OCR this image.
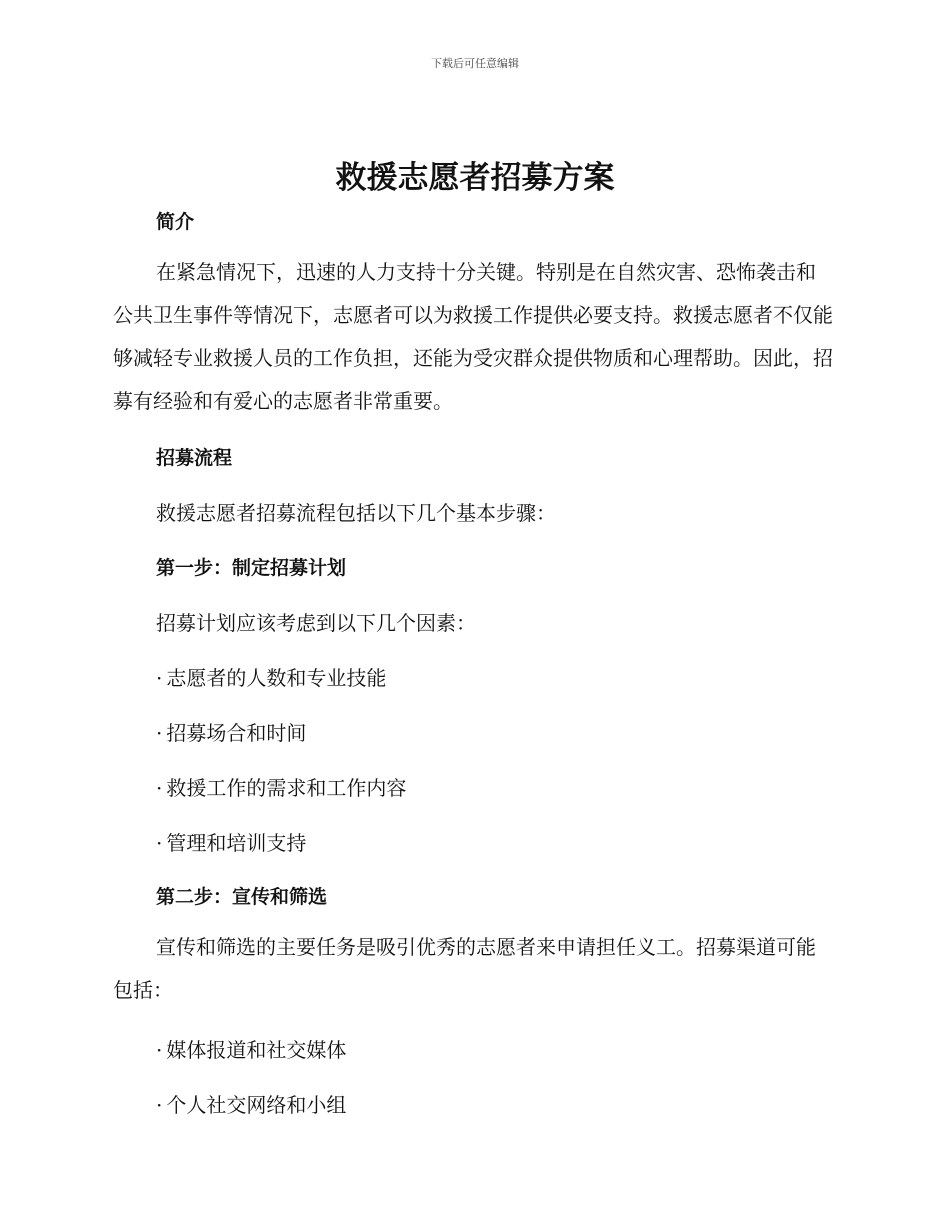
下载后可任意编辑
救援志愿者招募方案
简介

在紧急情况下，迅速的人力支持十分关键。特别是在自然灾害、恐怖袭击和公共卫生事件等情况下，志愿者可以为救援工作提供必要支持。救援志愿者不仅能够减轻专业救援人员的工作负担，还能为受灾群众提供物质和心理帮助。因此，招募有经验和有爱心的志愿者非常重要。

招募流程

救援志愿者招募流程包括以下几个基本步骤：

第一步：制定招募计划

招募计划应该考虑到以下几个因素：

· 志愿者的人数和专业技能

· 招募场合和时间

· 救援工作的需求和工作内容

· 管理和培训支持

第二步：宣传和筛选

宣传和筛选的主要任务是吸引优秀的志愿者来申请担任义工。招募渠道可能包括：

· 媒体报道和社交媒体

· 个人社交网络和小组
